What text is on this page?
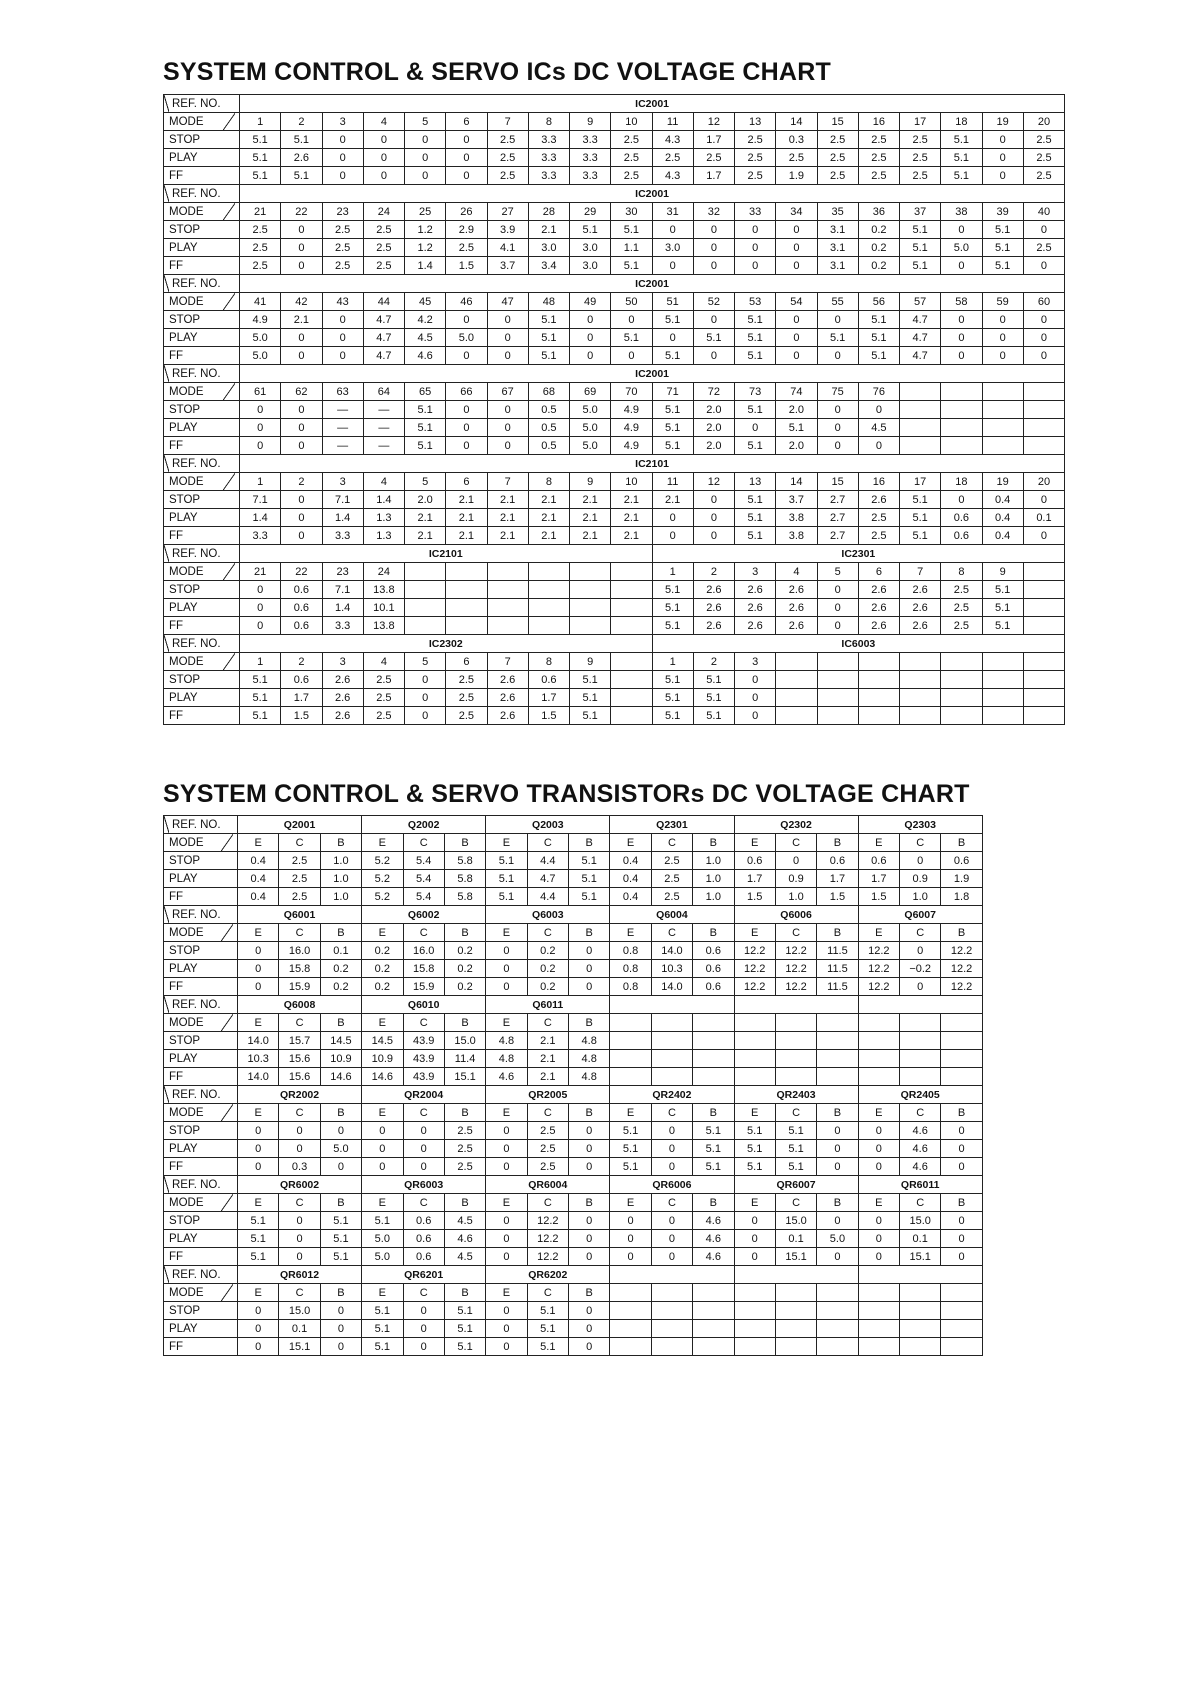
SYSTEM CONTROL & SERVO ICs DC VOLTAGE CHART
REF. NO.	IC2001																			
MODE	1	2	3	4	5	6	7	8	9	10	11	12	13	14	15	16	17	18	19	20
STOP	5.1	5.1	0	0	0	0	2.5	3.3	3.3	2.5	4.3	1.7	2.5	0.3	2.5	2.5	2.5	5.1	0	2.5
PLAY	5.1	2.6	0	0	0	0	2.5	3.3	3.3	2.5	2.5	2.5	2.5	2.5	2.5	2.5	2.5	5.1	0	2.5
FF	5.1	5.1	0	0	0	0	2.5	3.3	3.3	2.5	4.3	1.7	2.5	1.9	2.5	2.5	2.5	5.1	0	2.5
REF. NO.	IC2001																			
MODE	21	22	23	24	25	26	27	28	29	30	31	32	33	34	35	36	37	38	39	40
STOP	2.5	0	2.5	2.5	1.2	2.9	3.9	2.1	5.1	5.1	0	0	0	0	3.1	0.2	5.1	0	5.1	0
PLAY	2.5	0	2.5	2.5	1.2	2.5	4.1	3.0	3.0	1.1	3.0	0	0	0	3.1	0.2	5.1	5.0	5.1	2.5
FF	2.5	0	2.5	2.5	1.4	1.5	3.7	3.4	3.0	5.1	0	0	0	0	3.1	0.2	5.1	0	5.1	0
REF. NO.	IC2001																			
MODE	41	42	43	44	45	46	47	48	49	50	51	52	53	54	55	56	57	58	59	60
STOP	4.9	2.1	0	4.7	4.2	0	0	5.1	0	0	5.1	0	5.1	0	0	5.1	4.7	0	0	0
PLAY	5.0	0	0	4.7	4.5	5.0	0	5.1	0	5.1	0	5.1	5.1	0	5.1	5.1	4.7	0	0	0
FF	5.0	0	0	4.7	4.6	0	0	5.1	0	0	5.1	0	5.1	0	0	5.1	4.7	0	0	0
REF. NO.	IC2001																			
MODE	61	62	63	64	65	66	67	68	69	70	71	72	73	74	75	76				
STOP	0	0	—	—	5.1	0	0	0.5	5.0	4.9	5.1	2.0	5.1	2.0	0	0				
PLAY	0	0	—	—	5.1	0	0	0.5	5.0	4.9	5.1	2.0	0	5.1	0	4.5				
FF	0	0	—	—	5.1	0	0	0.5	5.0	4.9	5.1	2.0	5.1	2.0	0	0				
REF. NO.	IC2101																			
MODE	1	2	3	4	5	6	7	8	9	10	11	12	13	14	15	16	17	18	19	20
STOP	7.1	0	7.1	1.4	2.0	2.1	2.1	2.1	2.1	2.1	2.1	0	5.1	3.7	2.7	2.6	5.1	0	0.4	0
PLAY	1.4	0	1.4	1.3	2.1	2.1	2.1	2.1	2.1	2.1	0	0	5.1	3.8	2.7	2.5	5.1	0.6	0.4	0.1
FF	3.3	0	3.3	1.3	2.1	2.1	2.1	2.1	2.1	2.1	0	0	5.1	3.8	2.7	2.5	5.1	0.6	0.4	0
REF. NO.	IC2101										IC2301									
MODE	21	22	23	24							1	2	3	4	5	6	7	8	9	
STOP	0	0.6	7.1	13.8							5.1	2.6	2.6	2.6	0	2.6	2.6	2.5	5.1	
PLAY	0	0.6	1.4	10.1							5.1	2.6	2.6	2.6	0	2.6	2.6	2.5	5.1	
FF	0	0.6	3.3	13.8							5.1	2.6	2.6	2.6	0	2.6	2.6	2.5	5.1	
REF. NO.	IC2302										IC6003									
MODE	1	2	3	4	5	6	7	8	9		1	2	3							
STOP	5.1	0.6	2.6	2.5	0	2.5	2.6	0.6	5.1		5.1	5.1	0							
PLAY	5.1	1.7	2.6	2.5	0	2.5	2.6	1.7	5.1		5.1	5.1	0							
FF	5.1	1.5	2.6	2.5	0	2.5	2.6	1.5	5.1		5.1	5.1	0							
SYSTEM CONTROL & SERVO TRANSISTORs DC VOLTAGE CHART
REF. NO.	Q2001			Q2002			Q2003			Q2301			Q2302			Q2303		
MODE	E	C	B	E	C	B	E	C	B	E	C	B	E	C	B	E	C	B
STOP	0.4	2.5	1.0	5.2	5.4	5.8	5.1	4.4	5.1	0.4	2.5	1.0	0.6	0	0.6	0.6	0	0.6
PLAY	0.4	2.5	1.0	5.2	5.4	5.8	5.1	4.7	5.1	0.4	2.5	1.0	1.7	0.9	1.7	1.7	0.9	1.9
FF	0.4	2.5	1.0	5.2	5.4	5.8	5.1	4.4	5.1	0.4	2.5	1.0	1.5	1.0	1.5	1.5	1.0	1.8
REF. NO.	Q6001			Q6002			Q6003			Q6004			Q6006			Q6007		
MODE	E	C	B	E	C	B	E	C	B	E	C	B	E	C	B	E	C	B
STOP	0	16.0	0.1	0.2	16.0	0.2	0	0.2	0	0.8	14.0	0.6	12.2	12.2	11.5	12.2	0	12.2
PLAY	0	15.8	0.2	0.2	15.8	0.2	0	0.2	0	0.8	10.3	0.6	12.2	12.2	11.5	12.2	−0.2	12.2
FF	0	15.9	0.2	0.2	15.9	0.2	0	0.2	0	0.8	14.0	0.6	12.2	12.2	11.5	12.2	0	12.2
REF. NO.	Q6008			Q6010			Q6011											
MODE	E	C	B	E	C	B	E	C	B									
STOP	14.0	15.7	14.5	14.5	43.9	15.0	4.8	2.1	4.8									
PLAY	10.3	15.6	10.9	10.9	43.9	11.4	4.8	2.1	4.8									
FF	14.0	15.6	14.6	14.6	43.9	15.1	4.6	2.1	4.8									
REF. NO.	QR2002			QR2004			QR2005			QR2402			QR2403			QR2405		
MODE	E	C	B	E	C	B	E	C	B	E	C	B	E	C	B	E	C	B
STOP	0	0	0	0	0	2.5	0	2.5	0	5.1	0	5.1	5.1	5.1	0	0	4.6	0
PLAY	0	0	5.0	0	0	2.5	0	2.5	0	5.1	0	5.1	5.1	5.1	0	0	4.6	0
FF	0	0.3	0	0	0	2.5	0	2.5	0	5.1	0	5.1	5.1	5.1	0	0	4.6	0
REF. NO.	QR6002			QR6003			QR6004			QR6006			QR6007			QR6011		
MODE	E	C	B	E	C	B	E	C	B	E	C	B	E	C	B	E	C	B
STOP	5.1	0	5.1	5.1	0.6	4.5	0	12.2	0	0	0	4.6	0	15.0	0	0	15.0	0
PLAY	5.1	0	5.1	5.0	0.6	4.6	0	12.2	0	0	0	4.6	0	0.1	5.0	0	0.1	0
FF	5.1	0	5.1	5.0	0.6	4.5	0	12.2	0	0	0	4.6	0	15.1	0	0	15.1	0
REF. NO.	QR6012			QR6201			QR6202											
MODE	E	C	B	E	C	B	E	C	B									
STOP	0	15.0	0	5.1	0	5.1	0	5.1	0									
PLAY	0	0.1	0	5.1	0	5.1	0	5.1	0									
FF	0	15.1	0	5.1	0	5.1	0	5.1	0									
